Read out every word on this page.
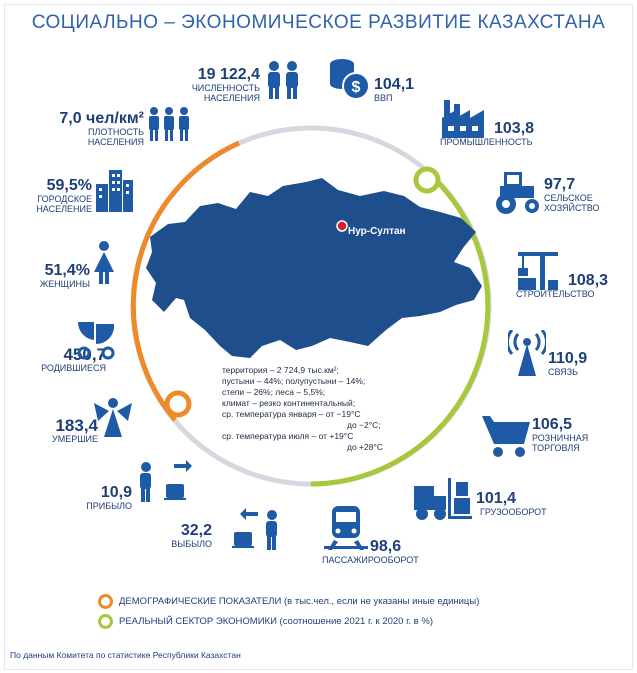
СОЦИАЛЬНО – ЭКОНОМИЧЕСКОЕ РАЗВИТИЕ КАЗАХСТАНА
Нур-Султан
территория – 2 724,9 тыс.км²;
пустыни – 44%; полупустыни – 14%;
степи – 26%; леса – 5,5%;
климат – резко континентальный;
ср. температура января – от −19°C
до −2°C;
ср. температура июля – от +19°C
до +28°C
19 122,4
ЧИСЛЕННОСТЬ
НАСЕЛЕНИЯ
7,0 чел/км²
ПЛОТНОСТЬ
НАСЕЛЕНИЯ
59,5%
ГОРОДСКОЕ
НАСЕЛЕНИЕ
51,4%
ЖЕНЩИНЫ
450,7
РОДИВШИЕСЯ
183,4
УМЕРШИЕ
10,9
ПРИБЫЛО
32,2
ВЫБЫЛО
$ 104,1
ВВП
103,8
ПРОМЫШЛЕННОСТЬ
97,7
СЕЛЬСКОЕ
ХОЗЯЙСТВО
108,3
СТРОИТЕЛЬСТВО
110,9
СВЯЗЬ
106,5
РОЗНИЧНАЯ
ТОРГОВЛЯ
101,4
ГРУЗООБОРОТ
98,6
ПАССАЖИРООБОРОТ
ДЕМОГРАФИЧЕСКИЕ ПОКАЗАТЕЛИ (в тыс.чел., если не указаны иные единицы)
РЕАЛЬНЫЙ СЕКТОР ЭКОНОМИКИ (соотношение 2021 г. к 2020 г. в %)
По данным Комитета по статистике Республики Казахстан
